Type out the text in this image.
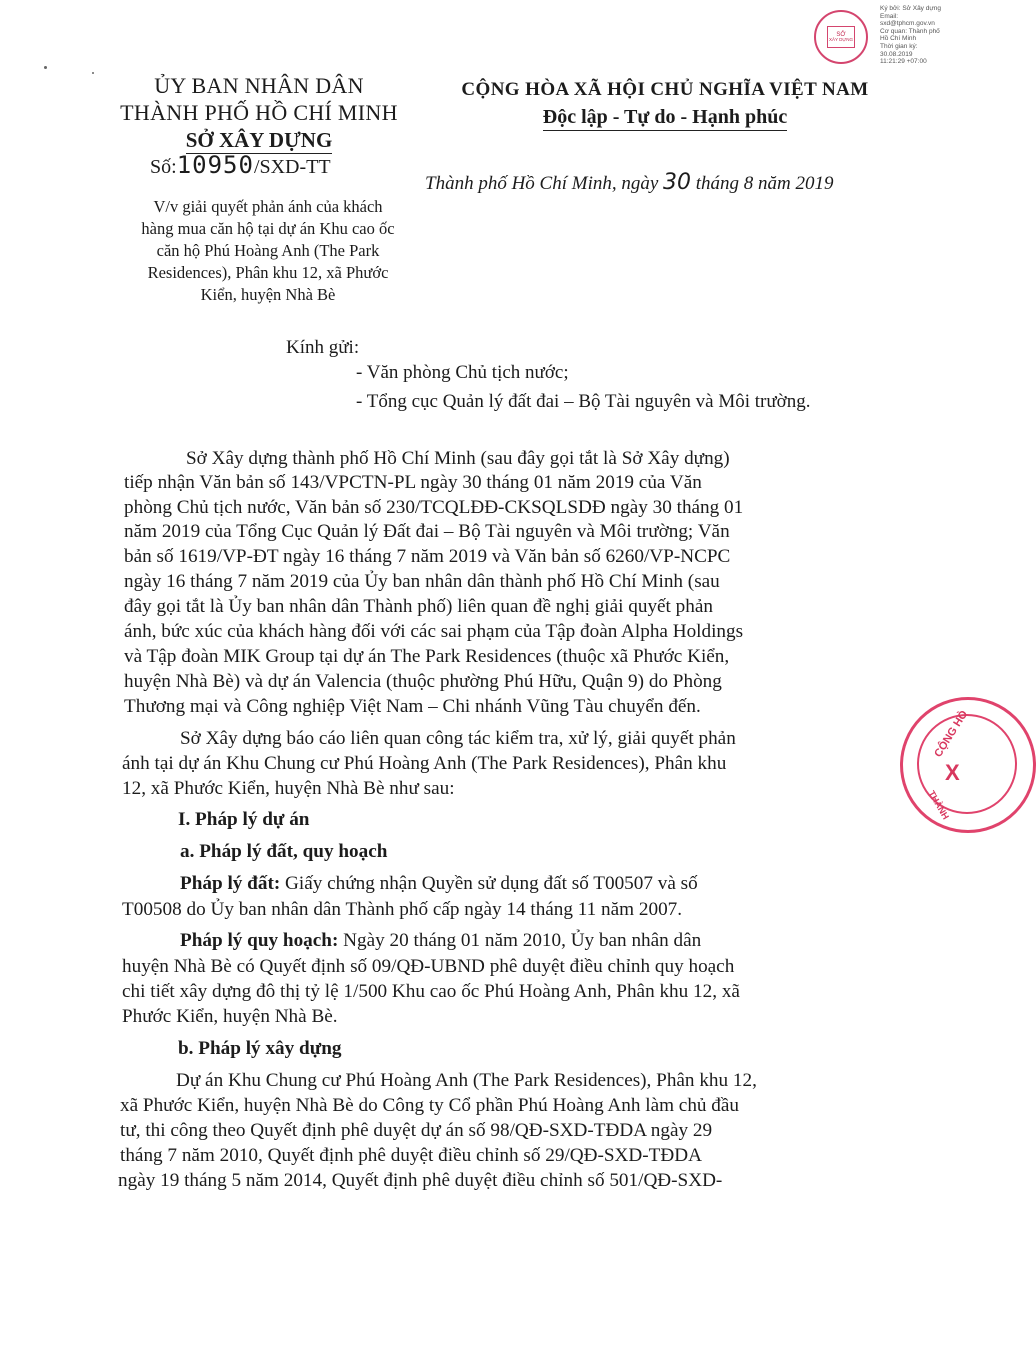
SỞ
XÂY DỰNG
Ký bởi: Sở Xây dựng
Email:
sxd@tphcm.gov.vn
Cơ quan: Thành phố
Hồ Chí Minh
Thời gian ký:
30.08.2019
11:21:29 +07:00
ỦY BAN NHÂN DÂN
THÀNH PHỐ HỒ CHÍ MINH
SỞ XÂY DỰNG
CỘNG HÒA XÃ HỘI CHỦ NGHĨA VIỆT NAM
Độc lập - Tự do - Hạnh phúc
Số:10950/SXD-TT
Thành phố Hồ Chí Minh, ngày 30 tháng 8 năm 2019
V/v giải quyết phản ánh của khách
hàng mua căn hộ tại dự án Khu cao ốc
căn hộ Phú Hoàng Anh (The Park
Residences), Phân khu 12, xã Phước
Kiển, huyện Nhà Bè
Kính gửi:
- Văn phòng Chủ tịch nước;
- Tổng cục Quản lý đất đai – Bộ Tài nguyên và Môi trường.
Sở Xây dựng thành phố Hồ Chí Minh (sau đây gọi tắt là Sở Xây dựng)
tiếp nhận Văn bản số 143/VPCTN-PL ngày 30 tháng 01 năm 2019 của Văn
phòng Chủ tịch nước, Văn bản số 230/TCQLĐĐ-CKSQLSDĐ ngày 30 tháng 01
năm 2019 của Tổng Cục Quản lý Đất đai – Bộ Tài nguyên và Môi trường; Văn
bản số 1619/VP-ĐT ngày 16 tháng 7 năm 2019 và Văn bản số 6260/VP-NCPC
ngày 16 tháng 7 năm 2019 của Ủy ban nhân dân thành phố Hồ Chí Minh (sau
đây gọi tắt là Ủy ban nhân dân Thành phố) liên quan đề nghị giải quyết phản
ánh, bức xúc của khách hàng đối với các sai phạm của Tập đoàn Alpha Holdings
và Tập đoàn MIK Group tại dự án The Park Residences (thuộc xã Phước Kiển,
huyện Nhà Bè) và dự án Valencia (thuộc phường Phú Hữu, Quận 9) do Phòng
Thương mại và Công nghiệp Việt Nam – Chi nhánh Vũng Tàu chuyển đến.
Sở Xây dựng báo cáo liên quan công tác kiểm tra, xử lý, giải quyết phản
ánh tại dự án Khu Chung cư Phú Hoàng Anh (The Park Residences), Phân khu
12, xã Phước Kiển, huyện Nhà Bè như sau:
I. Pháp lý dự án
a. Pháp lý đất, quy hoạch
Pháp lý đất: Giấy chứng nhận Quyền sử dụng đất số T00507 và số
T00508 do Ủy ban nhân dân Thành phố cấp ngày 14 tháng 11 năm 2007.
Pháp lý quy hoạch: Ngày 20 tháng 01 năm 2010, Ủy ban nhân dân
huyện Nhà Bè có Quyết định số 09/QĐ-UBND phê duyệt điều chỉnh quy hoạch
chi tiết xây dựng đô thị tỷ lệ 1/500 Khu cao ốc Phú Hoàng Anh, Phân khu 12, xã
Phước Kiển, huyện Nhà Bè.
b. Pháp lý xây dựng
Dự án Khu Chung cư Phú Hoàng Anh (The Park Residences), Phân khu 12,
xã Phước Kiển, huyện Nhà Bè do Công ty Cổ phần Phú Hoàng Anh làm chủ đầu
tư, thi công theo Quyết định phê duyệt dự án số 98/QĐ-SXD-TĐDA ngày 29
tháng 7 năm 2010, Quyết định phê duyệt điều chỉnh số 29/QĐ-SXD-TĐDA
ngày 19 tháng 5 năm 2014, Quyết định phê duyệt điều chỉnh số 501/QĐ-SXD-
CỘNG HÒ
X
THÀNH
